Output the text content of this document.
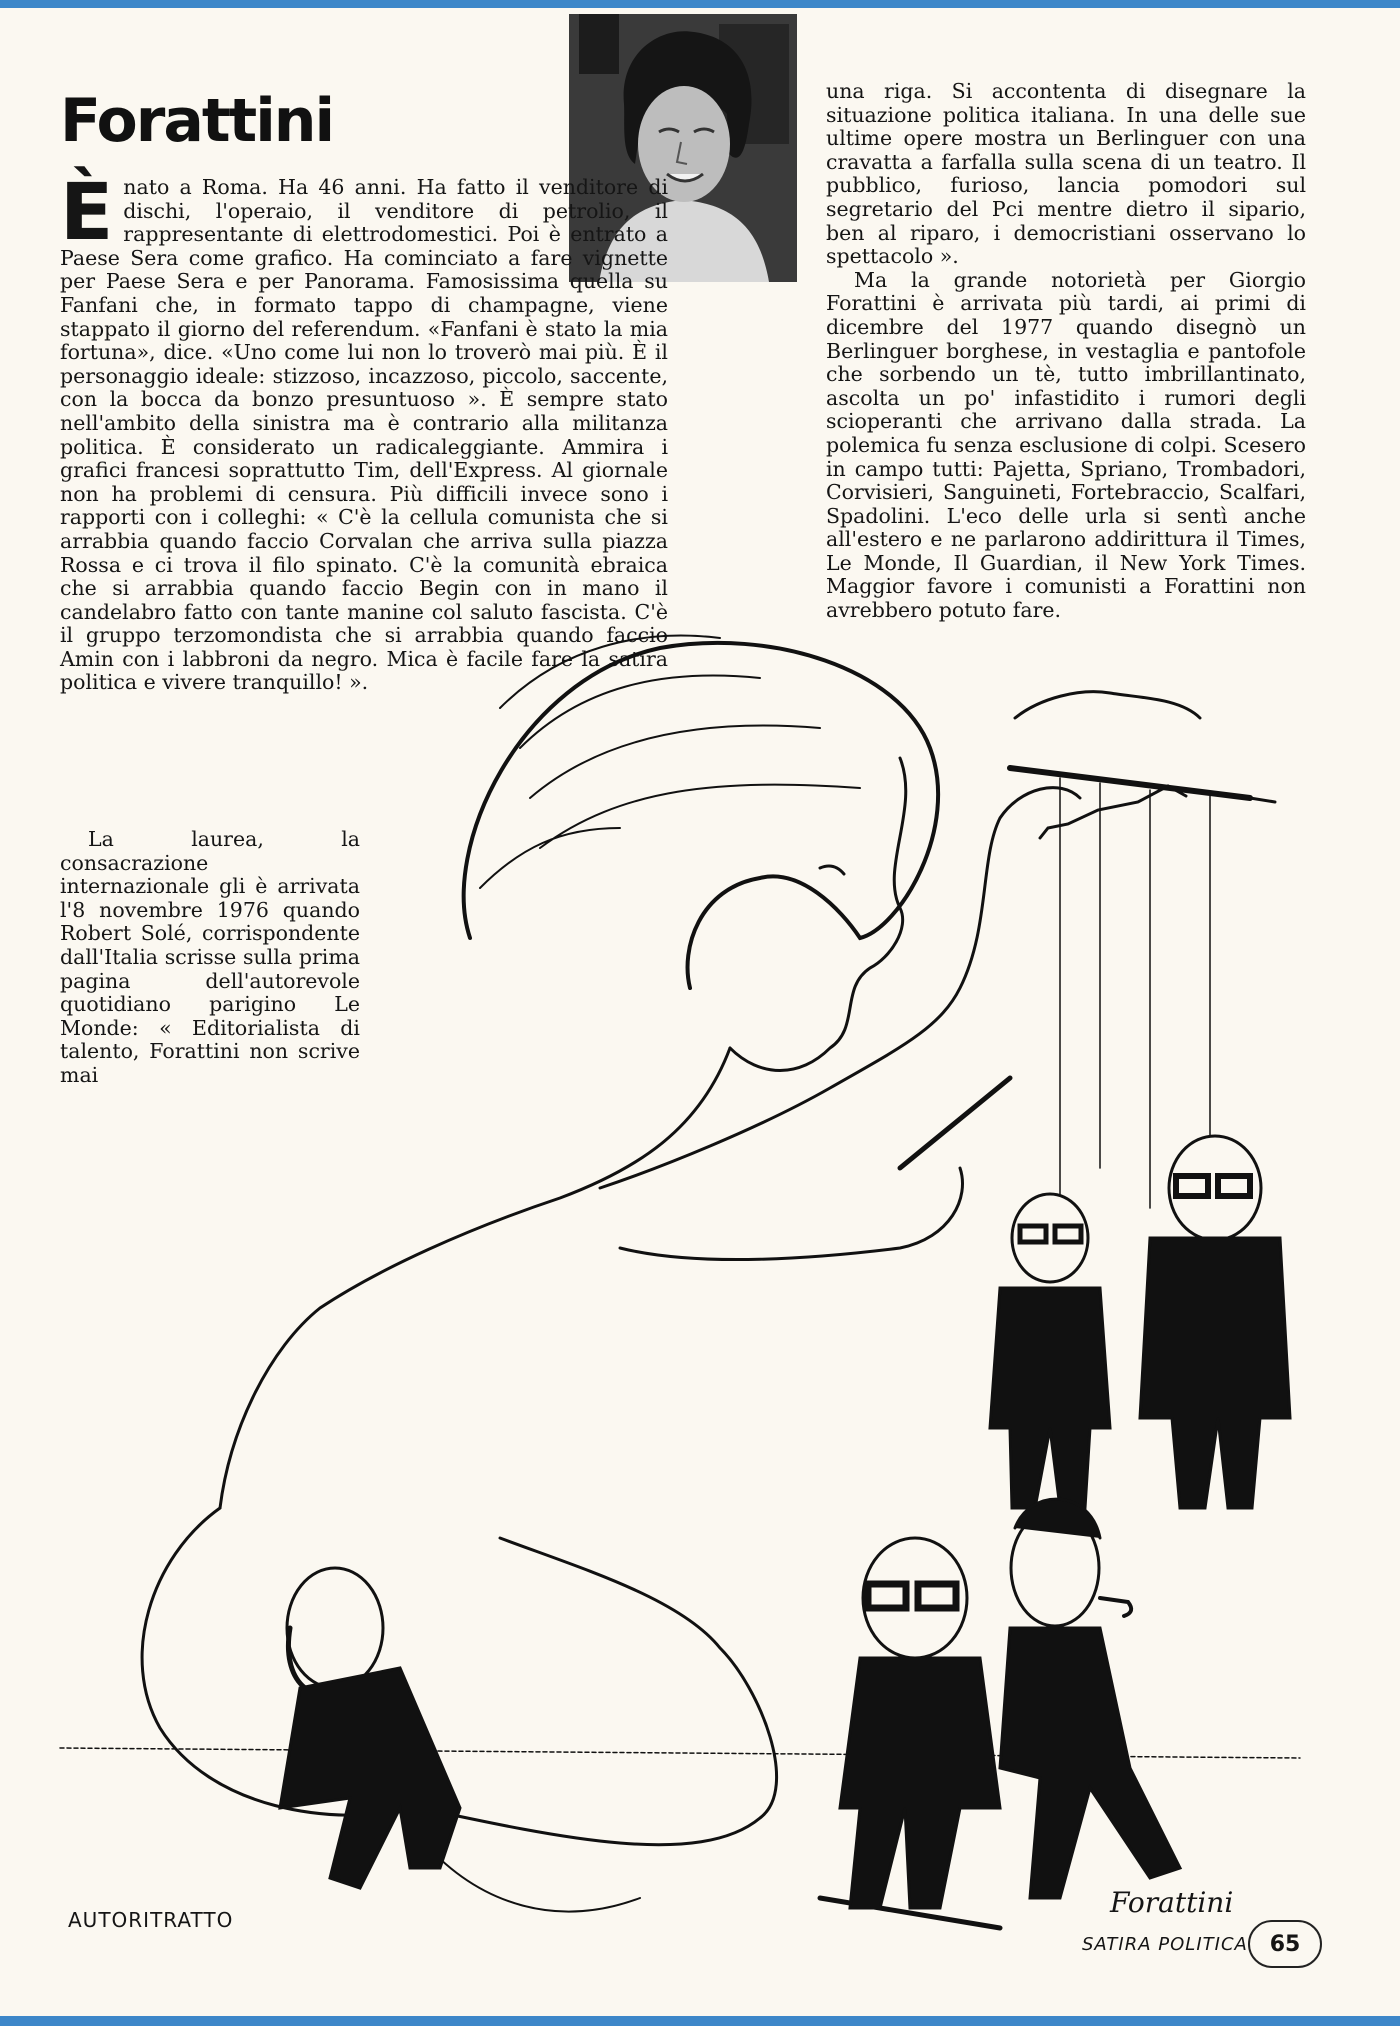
Forattini
È nato a Roma. Ha 46 anni. Ha fatto il venditore di dischi, l'operaio, il venditore di petrolio, il rappresentante di elettrodomestici. Poi è entrato a Paese Sera come grafico. Ha cominciato a fare vignette per Paese Sera e per Panorama. Famosissima quella su Fanfani che, in formato tappo di champagne, viene stappato il giorno del referendum. «Fanfani è stato la mia fortuna», dice. «Uno come lui non lo troverò mai più. È il personaggio ideale: stizzoso, incazzoso, piccolo, saccente, con la bocca da bonzo presuntuoso ». È sempre stato nell'ambito della sinistra ma è contrario alla militanza politica. È considerato un radicaleggiante. Ammira i grafici francesi soprattutto Tim, dell'Express. Al giornale non ha problemi di censura. Più difficili invece sono i rapporti con i colleghi: « C'è la cellula comunista che si arrabbia quando faccio Corvalan che arriva sulla piazza Rossa e ci trova il filo spinato. C'è la comunità ebraica che si arrabbia quando faccio Begin con in mano il candelabro fatto con tante manine col saluto fascista. C'è il gruppo terzomondista che si arrabbia quando faccio Amin con i labbroni da negro. Mica è facile fare la satira politica e vivere tranquillo! ».

La laurea, la consacrazione internazionale gli è arrivata l'8 novembre 1976 quando Robert Solé, corrispondente dall'Italia scrisse sulla prima pagina dell'autorevole quotidiano parigino Le Monde: « Editorialista di talento, Forattini non scrive mai

una riga. Si accontenta di disegnare la situazione politica italiana. In una delle sue ultime opere mostra un Berlinguer con una cravatta a farfalla sulla scena di un teatro. Il pubblico, furioso, lancia pomodori sul segretario del Pci mentre dietro il sipario, ben al riparo, i democristiani osservano lo spettacolo ».

Ma la grande notorietà per Giorgio Forattini è arrivata più tardi, ai primi di dicembre del 1977 quando disegnò un Berlinguer borghese, in vestaglia e pantofole che sorbendo un tè, tutto imbrillantinato, ascolta un po' infastidito i rumori degli scioperanti che arrivano dalla strada. La polemica fu senza esclusione di colpi. Scesero in campo tutti: Pajetta, Spriano, Trombadori, Corvisieri, Sanguineti, Fortebraccio, Scalfari, Spadolini. L'eco delle urla si sentì anche all'estero e ne parlarono addirittura il Times, Le Monde, Il Guardian, il New York Times. Maggior favore i comunisti a Forattini non avrebbero potuto fare.

AUTORITRATTO
Forattini
SATIRA POLITICA 65
